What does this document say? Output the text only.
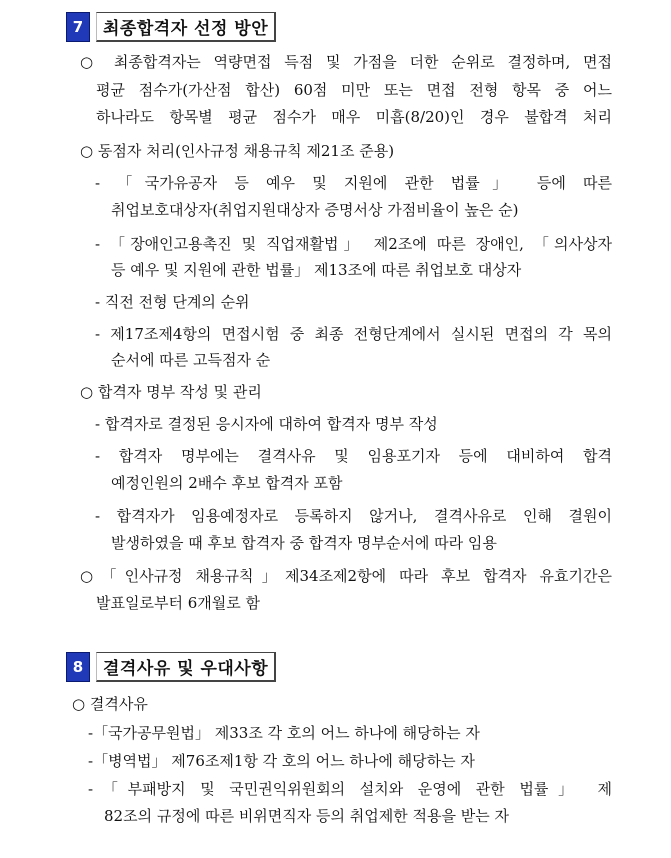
7	최종합격자 선정 방안
○ 최종합격자는 역량면접 득점 및 가점을 더한 순위로 결정하며, 면접
평균 점수가(가산점 합산) 60점 미만 또는 면접 전형 항목 중 어느
하나라도 항목별 평균 점수가 매우 미흡(8/20)인 경우 불합격 처리
○ 동점자 처리(인사규정 채용규칙 제21조 준용)
- 「국가유공자 등 예우 및 지원에 관한 법률」 등에 따른
취업보호대상자(취업지원대상자 증명서상 가점비율이 높은 순)
- 「장애인고용촉진 및 직업재활법」 제2조에 따른 장애인, 「의사상자
등 예우 및 지원에 관한 법률」 제13조에 따른 취업보호 대상자
- 직전 전형 단계의 순위
- 제17조제4항의 면접시험 중 최종 전형단계에서 실시된 면접의 각 목의
순서에 따른 고득점자 순
○ 합격자 명부 작성 및 관리
- 합격자로 결정된 응시자에 대하여 합격자 명부 작성
- 합격자 명부에는 결격사유 및 임용포기자 등에 대비하여 합격
예정인원의 2배수 후보 합격자 포함
- 합격자가 임용예정자로 등록하지 않거나, 결격사유로 인해 결원이
발생하였을 때 후보 합격자 중 합격자 명부순서에 따라 임용
○「인사규정 채용규칙」제34조제2항에 따라 후보 합격자 유효기간은
발표일로부터 6개월로 함
8	결격사유 및 우대사항
○ 결격사유
-「국가공무원법」 제33조 각 호의 어느 하나에 해당하는 자
-「병역법」 제76조제1항 각 호의 어느 하나에 해당하는 자
-「부패방지 및 국민권익위원회의 설치와 운영에 관한 법률」 제
82조의 규정에 따른 비위면직자 등의 취업제한 적용을 받는 자
